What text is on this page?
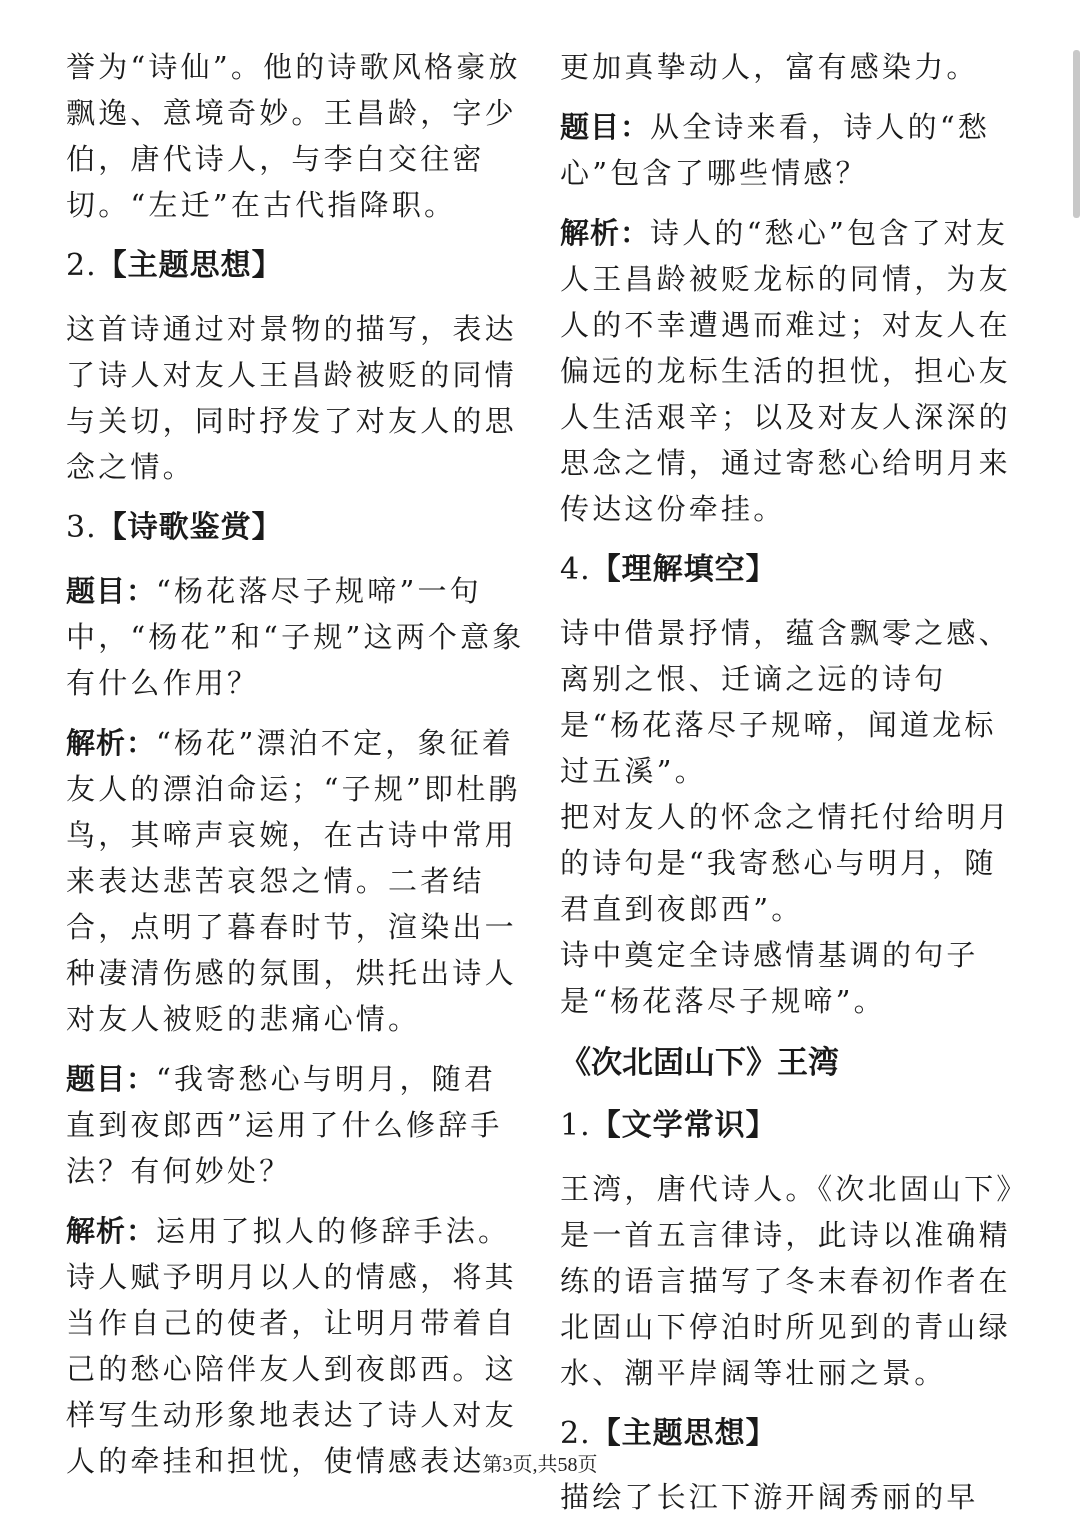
誉为“诗仙”。他的诗歌风格豪放飘逸、意境奇妙。王昌龄，字少伯，唐代诗人，与李白交往密切。“左迁”在古代指降职。

2.【主题思想】

这首诗通过对景物的描写，表达了诗人对友人王昌龄被贬的同情与关切，同时抒发了对友人的思念之情。

3.【诗歌鉴赏】

题目：“杨花落尽子规啼”一句中，“杨花”和“子规”这两个意象有什么作用？

解析：“杨花”漂泊不定，象征着友人的漂泊命运；“子规”即杜鹃鸟，其啼声哀婉，在古诗中常用来表达悲苦哀怨之情。二者结合，点明了暮春时节，渲染出一种凄清伤感的氛围，烘托出诗人对友人被贬的悲痛心情。

题目：“我寄愁心与明月，随君直到夜郎西”运用了什么修辞手法？有何妙处？

解析：运用了拟人的修辞手法。诗人赋予明月以人的情感，将其当作自己的使者，让明月带着自己的愁心陪伴友人到夜郎西。这样写生动形象地表达了诗人对友人的牵挂和担忧，使情感表达

更加真挚动人，富有感染力。

题目：从全诗来看，诗人的“愁心”包含了哪些情感？

解析：诗人的“愁心”包含了对友人王昌龄被贬龙标的同情，为友人的不幸遭遇而难过；对友人在偏远的龙标生活的担忧，担心友人生活艰辛；以及对友人深深的思念之情，通过寄愁心给明月来传达这份牵挂。

4.【理解填空】

诗中借景抒情，蕴含飘零之感、离别之恨、迁谪之远的诗句是“杨花落尽子规啼，闻道龙标过五溪”。

把对友人的怀念之情托付给明月的诗句是“我寄愁心与明月，随君直到夜郎西”。

诗中奠定全诗感情基调的句子是“杨花落尽子规啼”。

《次北固山下》王湾
1.【文学常识】

王湾，唐代诗人。《次北固山下》是一首五言律诗，此诗以准确精练的语言描写了冬末春初作者在北固山下停泊时所见到的青山绿水、潮平岸阔等壮丽之景。

2.【主题思想】

描绘了长江下游开阔秀丽的早

第3页,共58页
